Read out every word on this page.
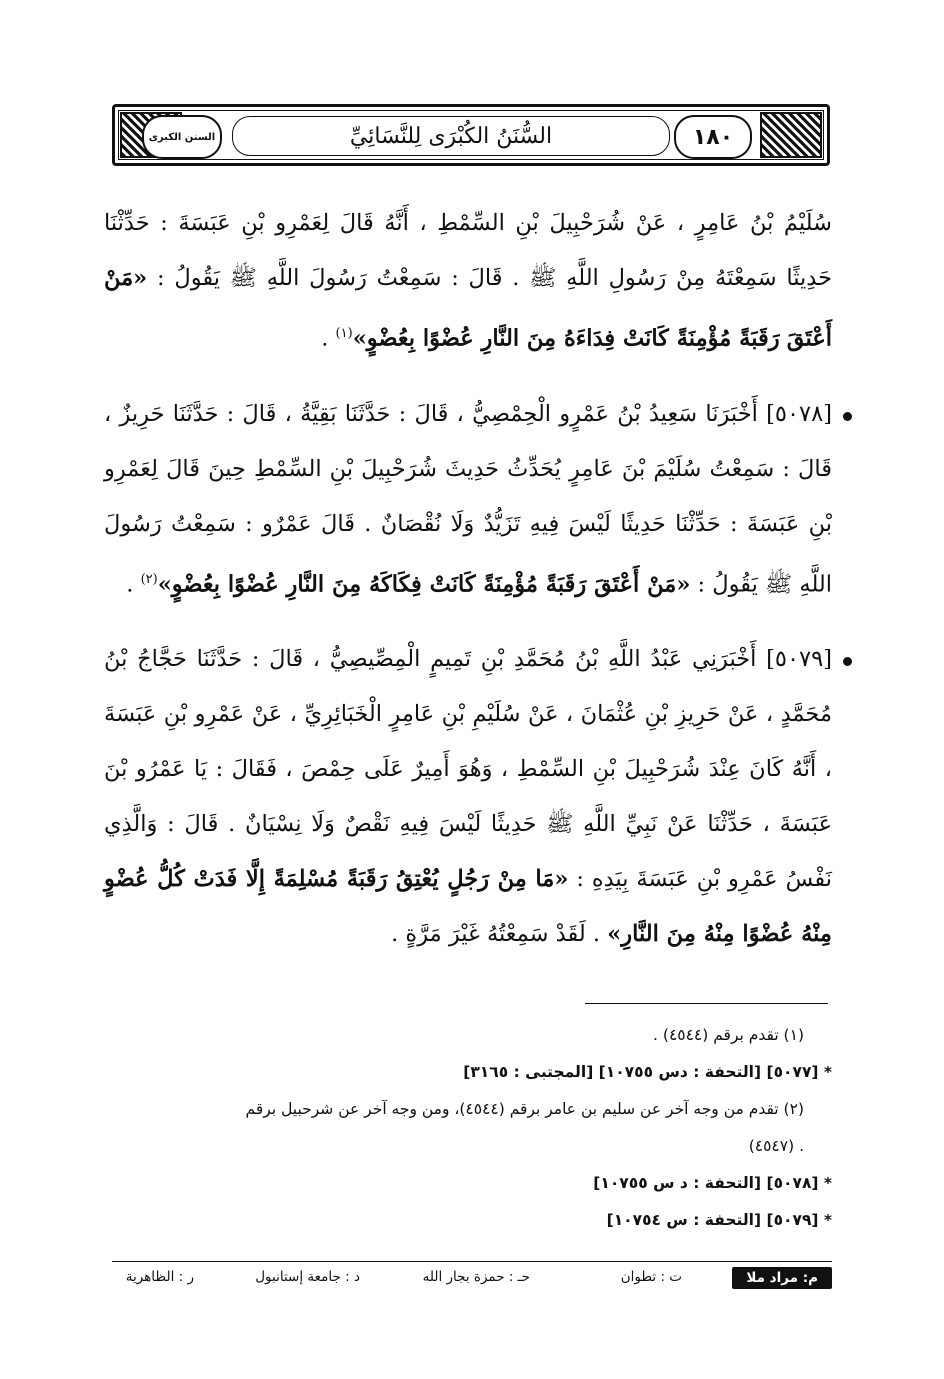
١٨٠
السُّنَنُ الكُبْرَى لِلنَّسَائِيِّ
السنن الكبرى

سُلَيْمُ بْنُ عَامِرٍ ، عَنْ شُرَحْبِيلَ بْنِ السِّمْطِ ، أَنَّهُ قَالَ لِعَمْرِو بْنِ عَبَسَةَ : حَدِّثْنَا حَدِيثًا سَمِعْتَهُ مِنْ رَسُولِ اللَّهِ ﷺ . قَالَ : سَمِعْتُ رَسُولَ اللَّهِ ﷺ يَقُولُ : «مَنْ أَعْتَقَ رَقَبَةً مُؤْمِنَةً كَانَتْ فِدَاءَهُ مِنَ النَّارِ عُضْوًا بِعُضْوٍ»$^{(١)}$ .

[٥٠٧٨] أَخْبَرَنَا سَعِيدُ بْنُ عَمْرٍو الْحِمْصِيُّ ، قَالَ : حَدَّثَنَا بَقِيَّةُ ، قَالَ : حَدَّثَنَا حَرِيزٌ ، قَالَ : سَمِعْتُ سُلَيْمَ بْنَ عَامِرٍ يُحَدِّثُ حَدِيثَ شُرَحْبِيلَ بْنِ السِّمْطِ حِينَ قَالَ لِعَمْرِو بْنِ عَبَسَةَ : حَدِّثْنَا حَدِيثًا لَيْسَ فِيهِ تَزَيُّدٌ وَلَا نُقْصَانٌ . قَالَ عَمْرٌو : سَمِعْتُ رَسُولَ اللَّهِ ﷺ يَقُولُ : «مَنْ أَعْتَقَ رَقَبَةً مُؤْمِنَةً كَانَتْ فِكَاكَهُ مِنَ النَّارِ عُضْوًا بِعُضْوٍ»$^{(٢)}$ .

[٥٠٧٩] أَخْبَرَنِي عَبْدُ اللَّهِ بْنُ مُحَمَّدِ بْنِ تَمِيمٍ الْمِصِّيصِيُّ ، قَالَ : حَدَّثَنَا حَجَّاجُ بْنُ مُحَمَّدٍ ، عَنْ حَرِيزِ بْنِ عُثْمَانَ ، عَنْ سُلَيْمِ بْنِ عَامِرٍ الْخَبَائِرِيِّ ، عَنْ عَمْرِو بْنِ عَبَسَةَ ، أَنَّهُ كَانَ عِنْدَ شُرَحْبِيلَ بْنِ السِّمْطِ ، وَهُوَ أَمِيرٌ عَلَى حِمْصَ ، فَقَالَ : يَا عَمْرُو بْنَ عَبَسَةَ ، حَدِّثْنَا عَنْ نَبِيِّ اللَّهِ ﷺ حَدِيثًا لَيْسَ فِيهِ نَقْصٌ وَلَا نِسْيَانٌ . قَالَ : وَالَّذِي نَفْسُ عَمْرِو بْنِ عَبَسَةَ بِيَدِهِ : «مَا مِنْ رَجُلٍ يُعْتِقُ رَقَبَةً مُسْلِمَةً إِلَّا فَدَتْ كُلُّ عُضْوٍ مِنْهُ عُضْوًا مِنْهُ مِنَ النَّارِ» . لَقَدْ سَمِعْتُهُ غَيْرَ مَرَّةٍ .

(١) تقدم برقم (٤٥٤٤) .

* [٥٠٧٧] [التحفة : دس ١٠٧٥٥] [المجتبى : ٣١٦٥]

(٢) تقدم من وجه آخر عن سليم بن عامر برقم (٤٥٤٤)، ومن وجه آخر عن شرحبيل برقم

. (٤٥٤٧)

* [٥٠٧٨] [التحفة : د س ١٠٧٥٥]

* [٥٠٧٩] [التحفة : س ١٠٧٥٤]

م: مراد ملا
ت : تطوان
حـ : حمزة بجار الله
د : جامعة إستانبول
ر : الظاهرية
